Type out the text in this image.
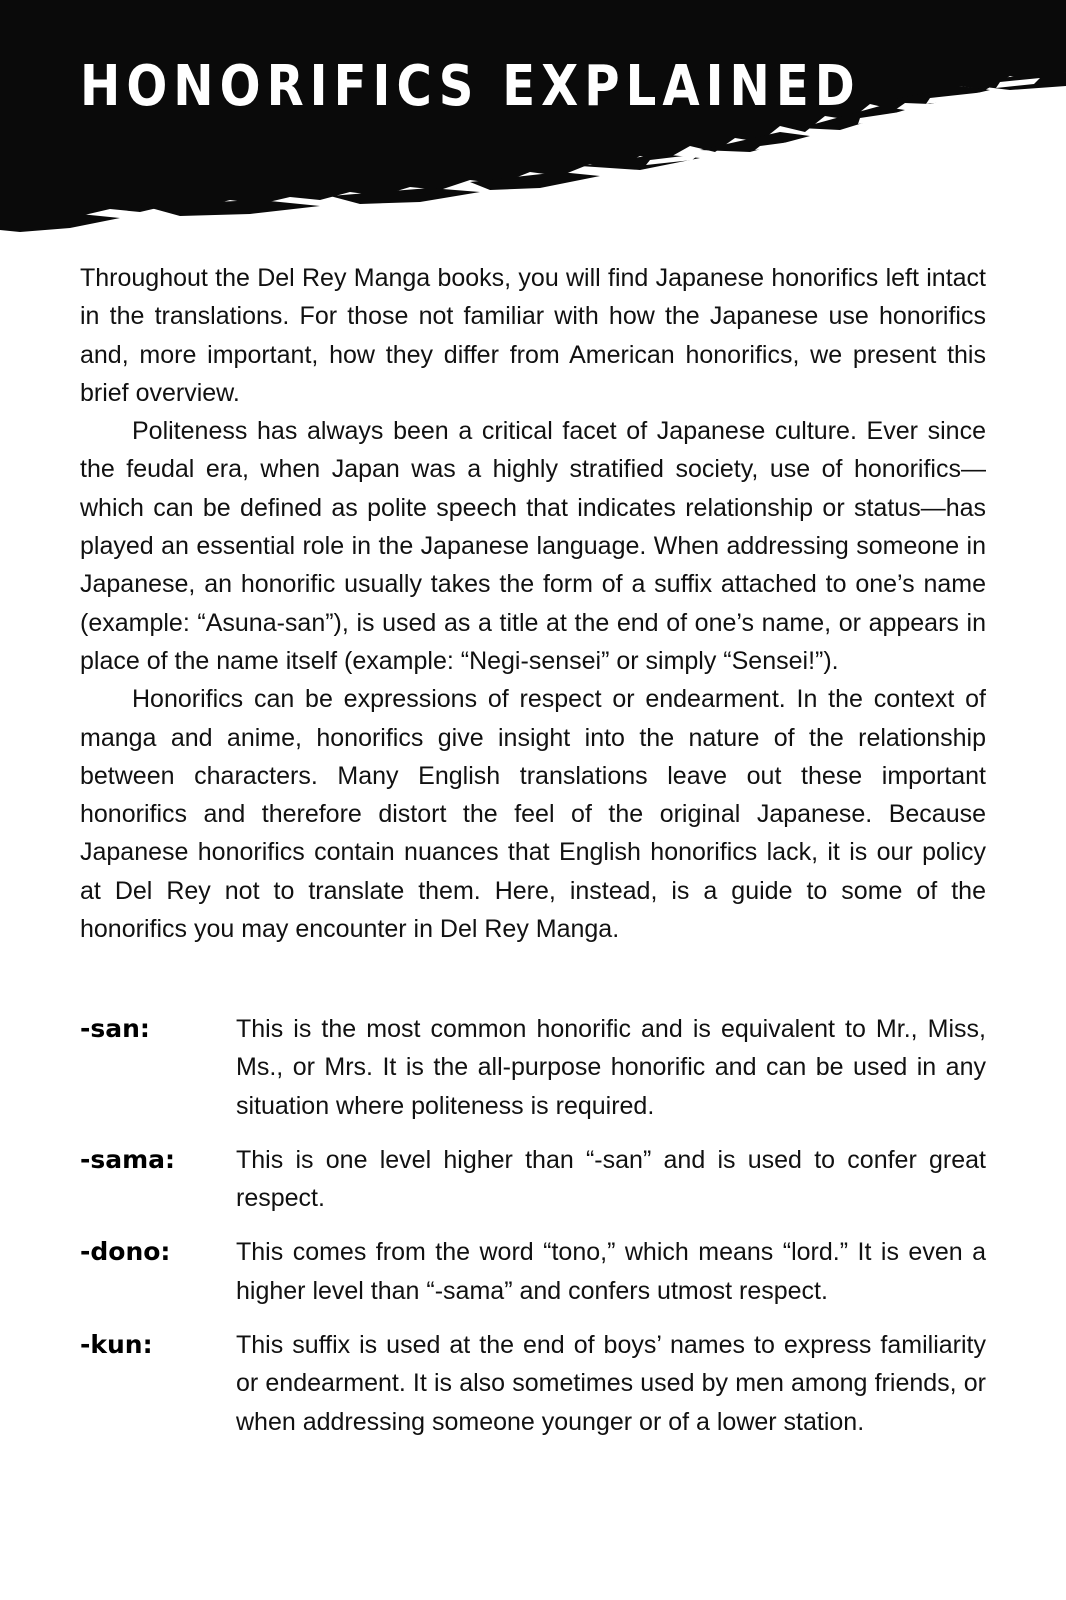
HONORIFICS EXPLAINED

Throughout the Del Rey Manga books, you will find Japanese honorifics left intact in the translations. For those not familiar with how the Japanese use honorifics and, more important, how they differ from American honorifics, we present this brief overview.

Politeness has always been a critical facet of Japanese culture. Ever since the feudal era, when Japan was a highly stratified society, use of honorifics—which can be defined as polite speech that indicates relationship or status—has played an essential role in the Japanese language. When addressing someone in Japanese, an honorific usually takes the form of a suffix attached to one’s name (example: “Asuna-san”), is used as a title at the end of one’s name, or appears in place of the name itself (example: “Negi-sensei” or simply “Sensei!”).

Honorifics can be expressions of respect or endearment. In the context of manga and anime, honorifics give insight into the nature of the relationship between characters. Many English translations leave out these important honorifics and therefore distort the feel of the original Japanese. Because Japanese honorifics contain nuances that English honorifics lack, it is our policy at Del Rey not to translate them. Here, instead, is a guide to some of the honorifics you may encounter in Del Rey Manga.

-san:	This is the most common honorific and is equivalent to Mr., Miss, Ms., or Mrs. It is the all-purpose honorific and can be used in any situation where politeness is required.
-sama:	This is one level higher than “-san” and is used to confer great respect.
-dono:	This comes from the word “tono,” which means “lord.” It is even a higher level than “-sama” and confers utmost respect.
-kun:	This suffix is used at the end of boys’ names to express familiarity or endearment. It is also sometimes used by men among friends, or when addressing someone younger or of a lower station.
